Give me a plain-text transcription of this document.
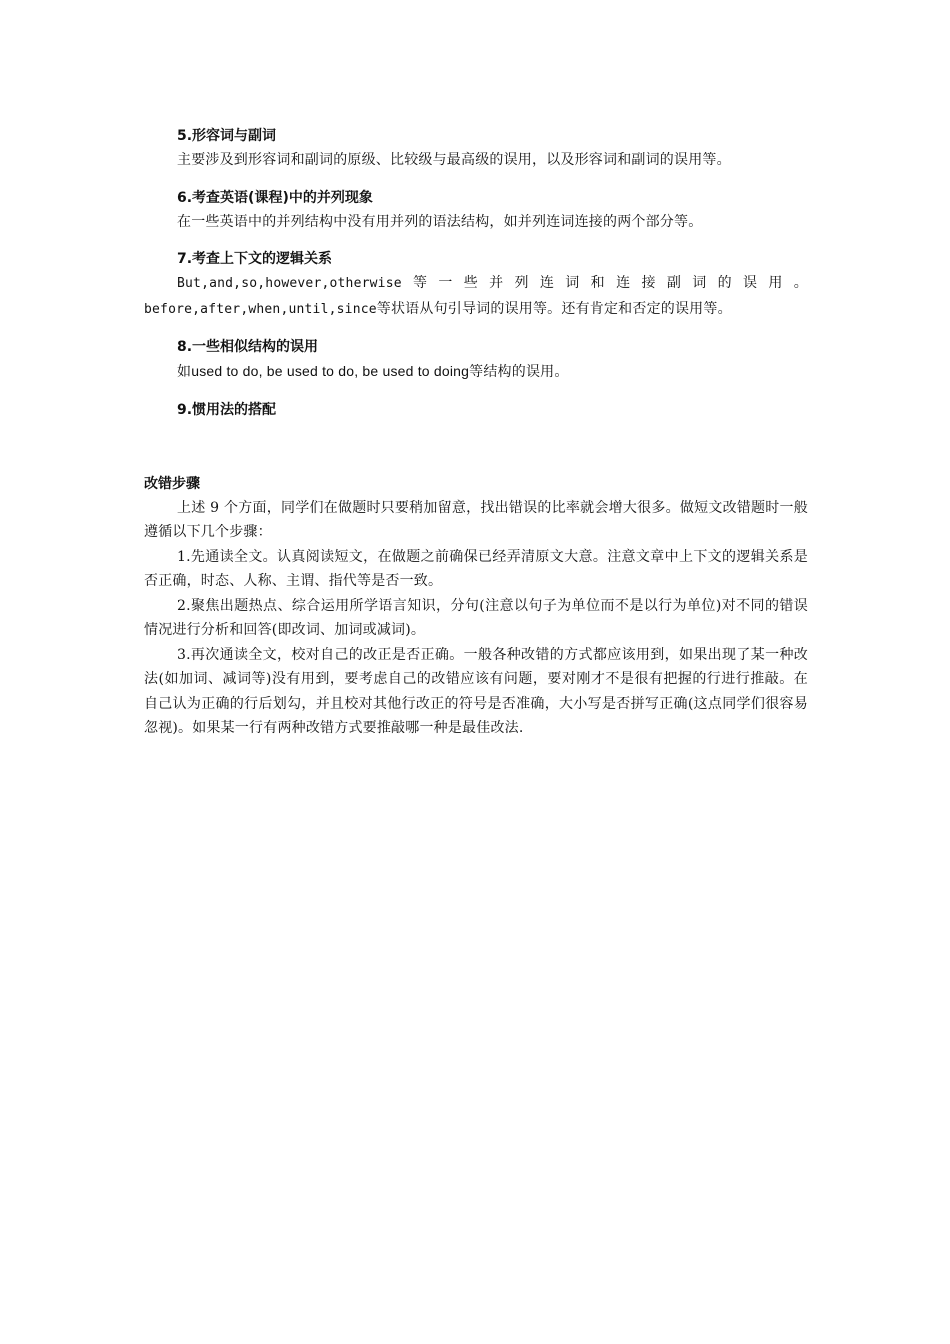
5.形容词与副词

主要涉及到形容词和副词的原级、比较级与最高级的误用，以及形容词和副词的误用等。

6.考查英语(课程)中的并列现象

在一些英语中的并列结构中没有用并列的语法结构，如并列连词连接的两个部分等。

7.考查上下文的逻辑关系

But,and,so,however,otherwise等一些并列连词和连接副词的误用。

before,after,when,until,since等状语从句引导词的误用等。还有肯定和否定的误用等。

8.一些相似结构的误用

如used to do, be used to do, be used to doing等结构的误用。

9.惯用法的搭配
改错步骤

上述 9 个方面，同学们在做题时只要稍加留意，找出错误的比率就会增大很多。做短文改错题时一般遵循以下几个步骤：

1.先通读全文。认真阅读短文，在做题之前确保已经弄清原文大意。注意文章中上下文的逻辑关系是否正确，时态、人称、主谓、指代等是否一致。

2.聚焦出题热点、综合运用所学语言知识，分句(注意以句子为单位而不是以行为单位)对不同的错误情况进行分析和回答(即改词、加词或减词)。

3.再次通读全文，校对自己的改正是否正确。一般各种改错的方式都应该用到，如果出现了某一种改法(如加词、减词等)没有用到，要考虑自己的改错应该有问题，要对刚才不是很有把握的行进行推敲。在自己认为正确的行后划勾，并且校对其他行改正的符号是否准确，大小写是否拼写正确(这点同学们很容易忽视)。如果某一行有两种改错方式要推敲哪一种是最佳改法.
